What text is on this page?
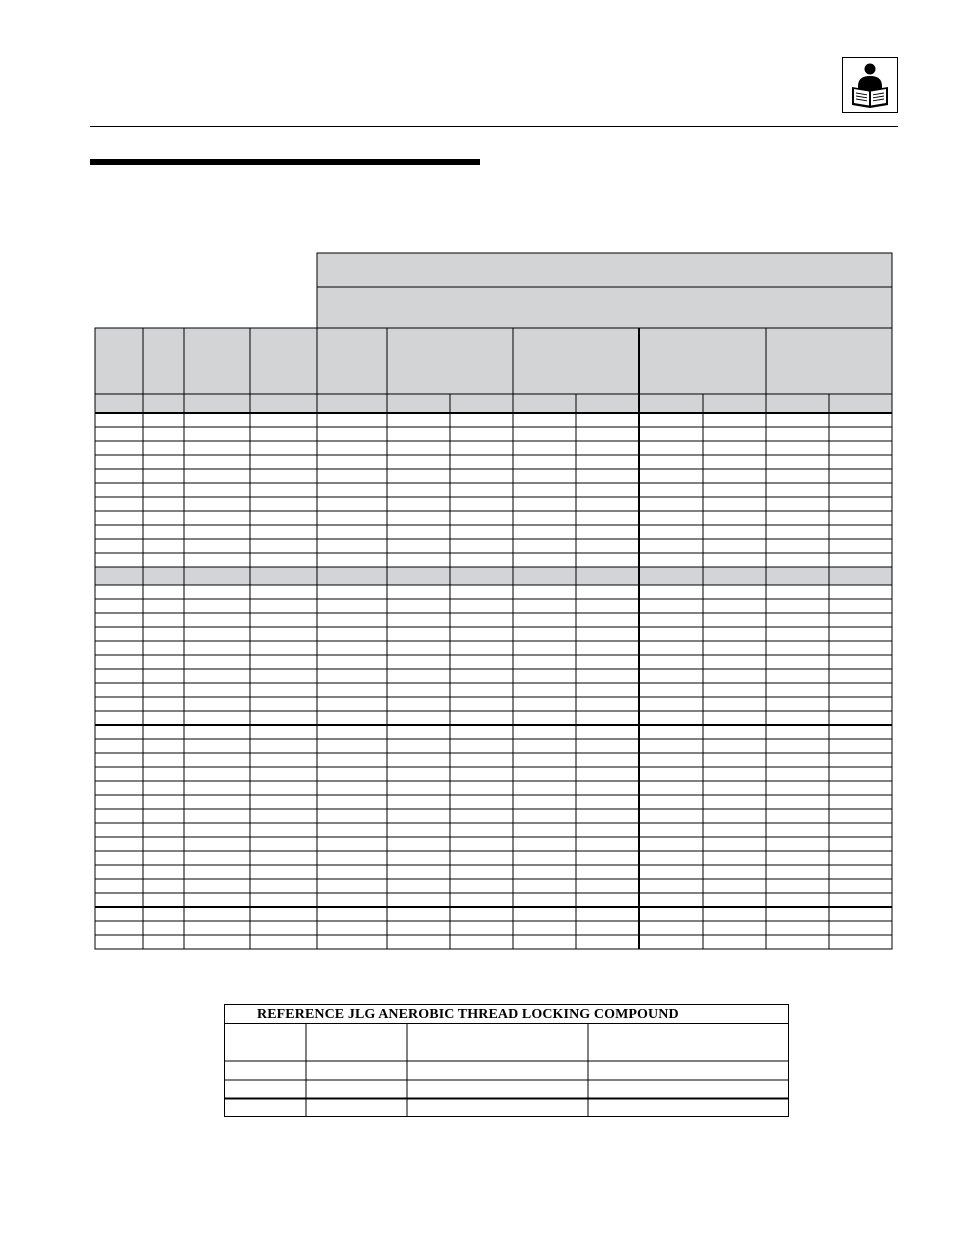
REFERENCE JLG ANEROBIC THREAD LOCKING COMPOUND
